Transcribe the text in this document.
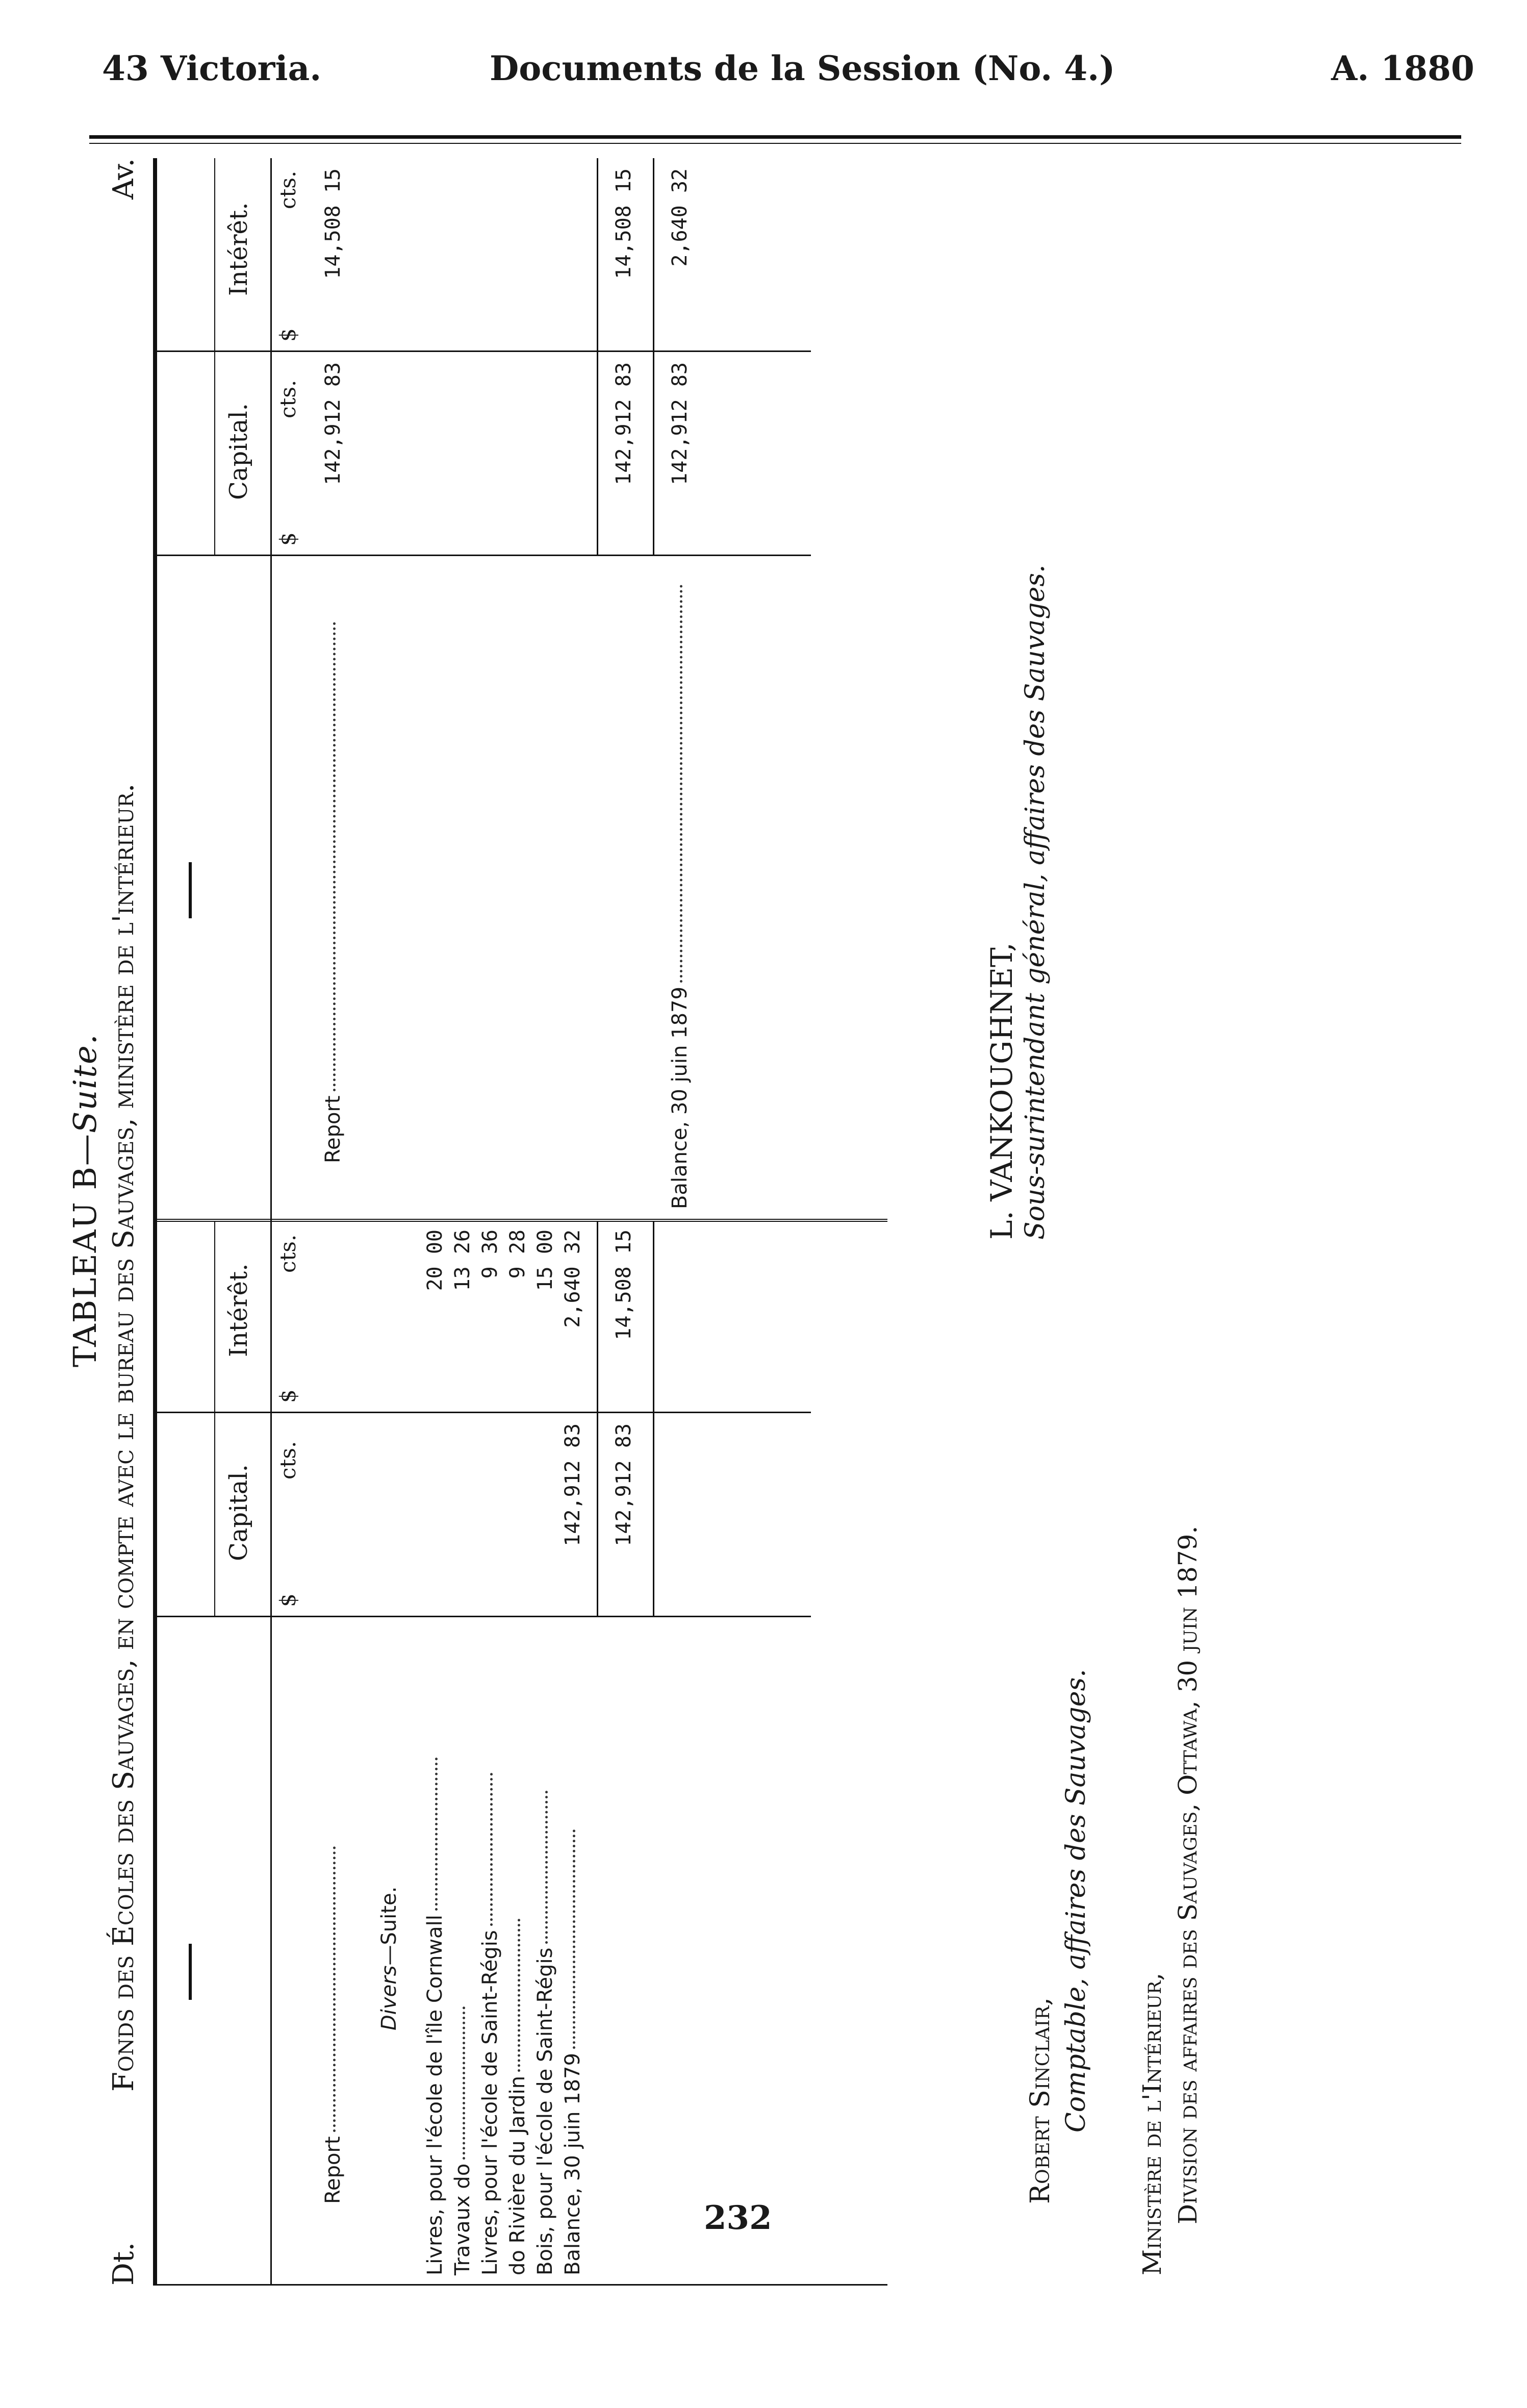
43 Victoria.	Documents de la Session (No. 4.)	A. 1880
TABLEAU B—Suite.
Dt.
Fonds des Écoles des Sauvages, en compte avec le bureau des Sauvages, ministère de l'intérieur.
Av.
Capital.
Intérêt.
$
cts.
$
cts.
Capital.
Intérêt.
$
cts.
$
cts.
Report
Divers—Suite. Livres, pour l'école de l'île Cornwall Travaux do Livres, pour l'école de Saint-Régis do Rivière du Jardin Bois, pour l'école de Saint-Régis Balance, 30 juin 1879
142,912 83
20 00 13 26 9 36 9 28 15 00 2,640 32
142,912 83
14,508 15
Report
142,912 83
14,508 15
142,912 83
14,508 15
Balance, 30 juin 1879
142,912 83
2,640 32
L. VANKOUGHNET, Sous-surintendant général, affaires des Sauvages.
Robert Sinclair, Comptable, affaires des Sauvages. Ministère de l'Intérieur, Division des affaires des Sauvages, Ottawa, 30 juin 1879.
232
